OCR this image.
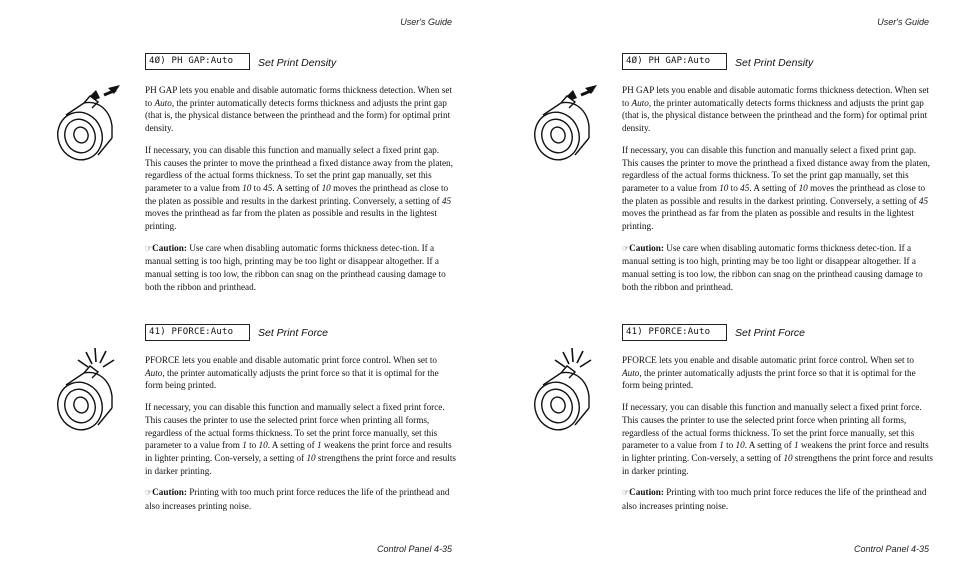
User's Guide
4Ø) PH GAP:Auto	Set Print Density

PH GAP lets you enable and disable automatic forms thickness detection. When set to Auto, the printer automatically detects forms thickness and adjusts the print gap (that is, the physical distance between the printhead and the form) for optimal print density.

If necessary, you can disable this function and manually select a fixed print gap. This causes the printer to move the printhead a fixed distance away from the platen, regardless of the actual forms thickness. To set the print gap manually, set this parameter to a value from 10 to 45. A setting of 10 moves the printhead as close to the platen as possible and results in the darkest printing. Conversely, a setting of 45 moves the printhead as far from the platen as possible and results in the lightest printing.

☞Caution: Use care when disabling automatic forms thickness detec-tion. If a manual setting is too high, printing may be too light or disappear altogether. If a manual setting is too low, the ribbon can snag on the printhead causing damage to both the ribbon and printhead.

41) PFORCE:Auto	Set Print Force

PFORCE lets you enable and disable automatic print force control. When set to Auto, the printer automatically adjusts the print force so that it is optimal for the form being printed.

If necessary, you can disable this function and manually select a fixed print force. This causes the printer to use the selected print force when printing all forms, regardless of the actual forms thickness. To set the print force manually, set this parameter to a value from 1 to 10. A setting of 1 weakens the print force and results in lighter printing. Con-versely, a setting of 10 strengthens the print force and results in darker printing.

☞Caution: Printing with too much print force reduces the life of the printhead and also increases printing noise.

Control Panel 4-35
User's Guide
4Ø) PH GAP:Auto	Set Print Density

PH GAP lets you enable and disable automatic forms thickness detection. When set to Auto, the printer automatically detects forms thickness and adjusts the print gap (that is, the physical distance between the printhead and the form) for optimal print density.

If necessary, you can disable this function and manually select a fixed print gap. This causes the printer to move the printhead a fixed distance away from the platen, regardless of the actual forms thickness. To set the print gap manually, set this parameter to a value from 10 to 45. A setting of 10 moves the printhead as close to the platen as possible and results in the darkest printing. Conversely, a setting of 45 moves the printhead as far from the platen as possible and results in the lightest printing.

☞Caution: Use care when disabling automatic forms thickness detec-tion. If a manual setting is too high, printing may be too light or disappear altogether. If a manual setting is too low, the ribbon can snag on the printhead causing damage to both the ribbon and printhead.

41) PFORCE:Auto	Set Print Force

PFORCE lets you enable and disable automatic print force control. When set to Auto, the printer automatically adjusts the print force so that it is optimal for the form being printed.

If necessary, you can disable this function and manually select a fixed print force. This causes the printer to use the selected print force when printing all forms, regardless of the actual forms thickness. To set the print force manually, set this parameter to a value from 1 to 10. A setting of 1 weakens the print force and results in lighter printing. Con-versely, a setting of 10 strengthens the print force and results in darker printing.

☞Caution: Printing with too much print force reduces the life of the printhead and also increases printing noise.

Control Panel 4-35
